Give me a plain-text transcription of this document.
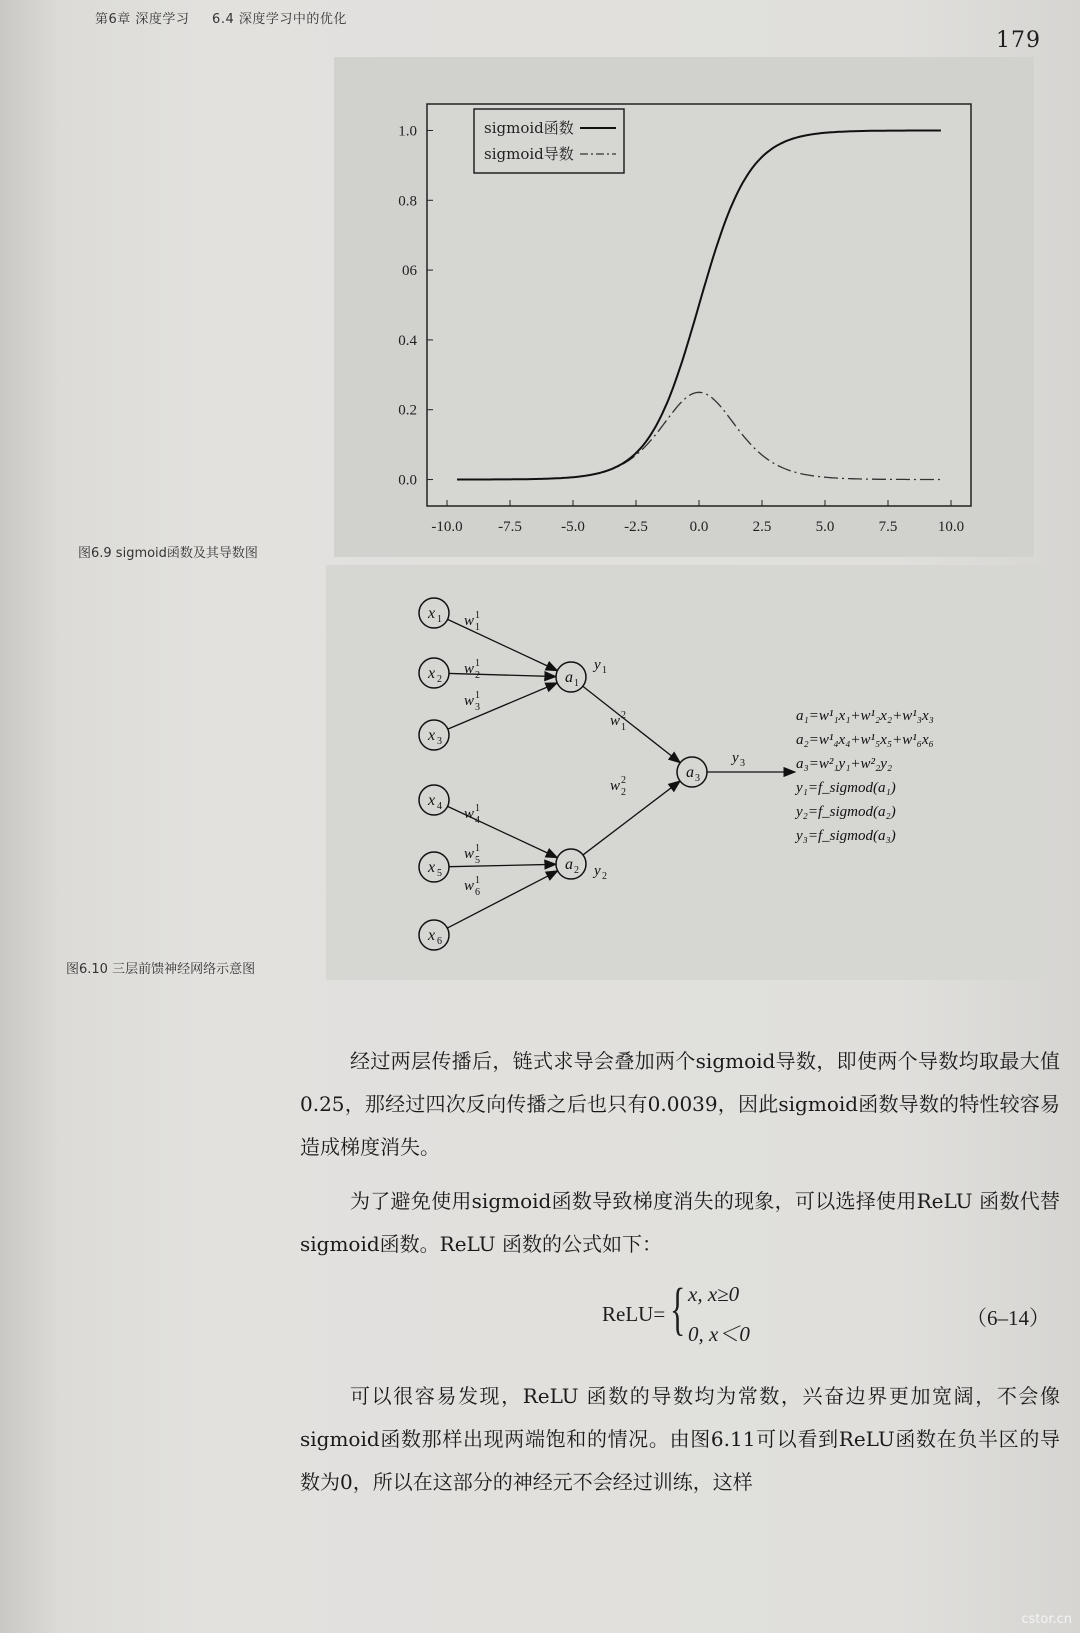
第6章 深度学习 6.4 深度学习中的优化
179
1.0
0.8
06
0.4
0.2
0.0
-10.0 -7.5	-5.0	-2.5	0.0	2.5	5.0	7.5	10.0
sigmoid函数
sigmoid导数
图6.9 sigmoid函数及其导数图
w 1
1
w 1
2
w 1
3
w 1
4
w 1
5
w 1
6
w 2
1
w 2
2
y 1
y 2
y 3
x 1
x 2
x 3
x 4
x 5
x 6
a 1
a 2
a 3
a₁=w¹₁x₁+w¹₂x₂+w¹₃x₃
a₂=w¹₄x₄+w¹₅x₅+w¹₆x₆
a₃=w²₁y₁+w²₂y₂
y₁=f_sigmod(a₁)
y₂=f_sigmod(a₂)
y₃=f_sigmod(a₃)
图6.10 三层前馈神经网络示意图

经过两层传播后，链式求导会叠加两个sigmoid导数，即使两个导数均取最大值0.25，那经过四次反向传播之后也只有0.0039，因此sigmoid函数导数的特性较容易造成梯度消失。

为了避免使用sigmoid函数导致梯度消失的现象，可以选择使用ReLU 函数代替sigmoid函数。ReLU 函数的公式如下：

ReLU= { x, x≥0
0, x＜0
（6–14）

可以很容易发现，ReLU 函数的导数均为常数，兴奋边界更加宽阔，不会像sigmoid函数那样出现两端饱和的情况。由图6.11可以看到ReLU函数在负半区的导数为0，所以在这部分的神经元不会经过训练，这样

cstor.cn
